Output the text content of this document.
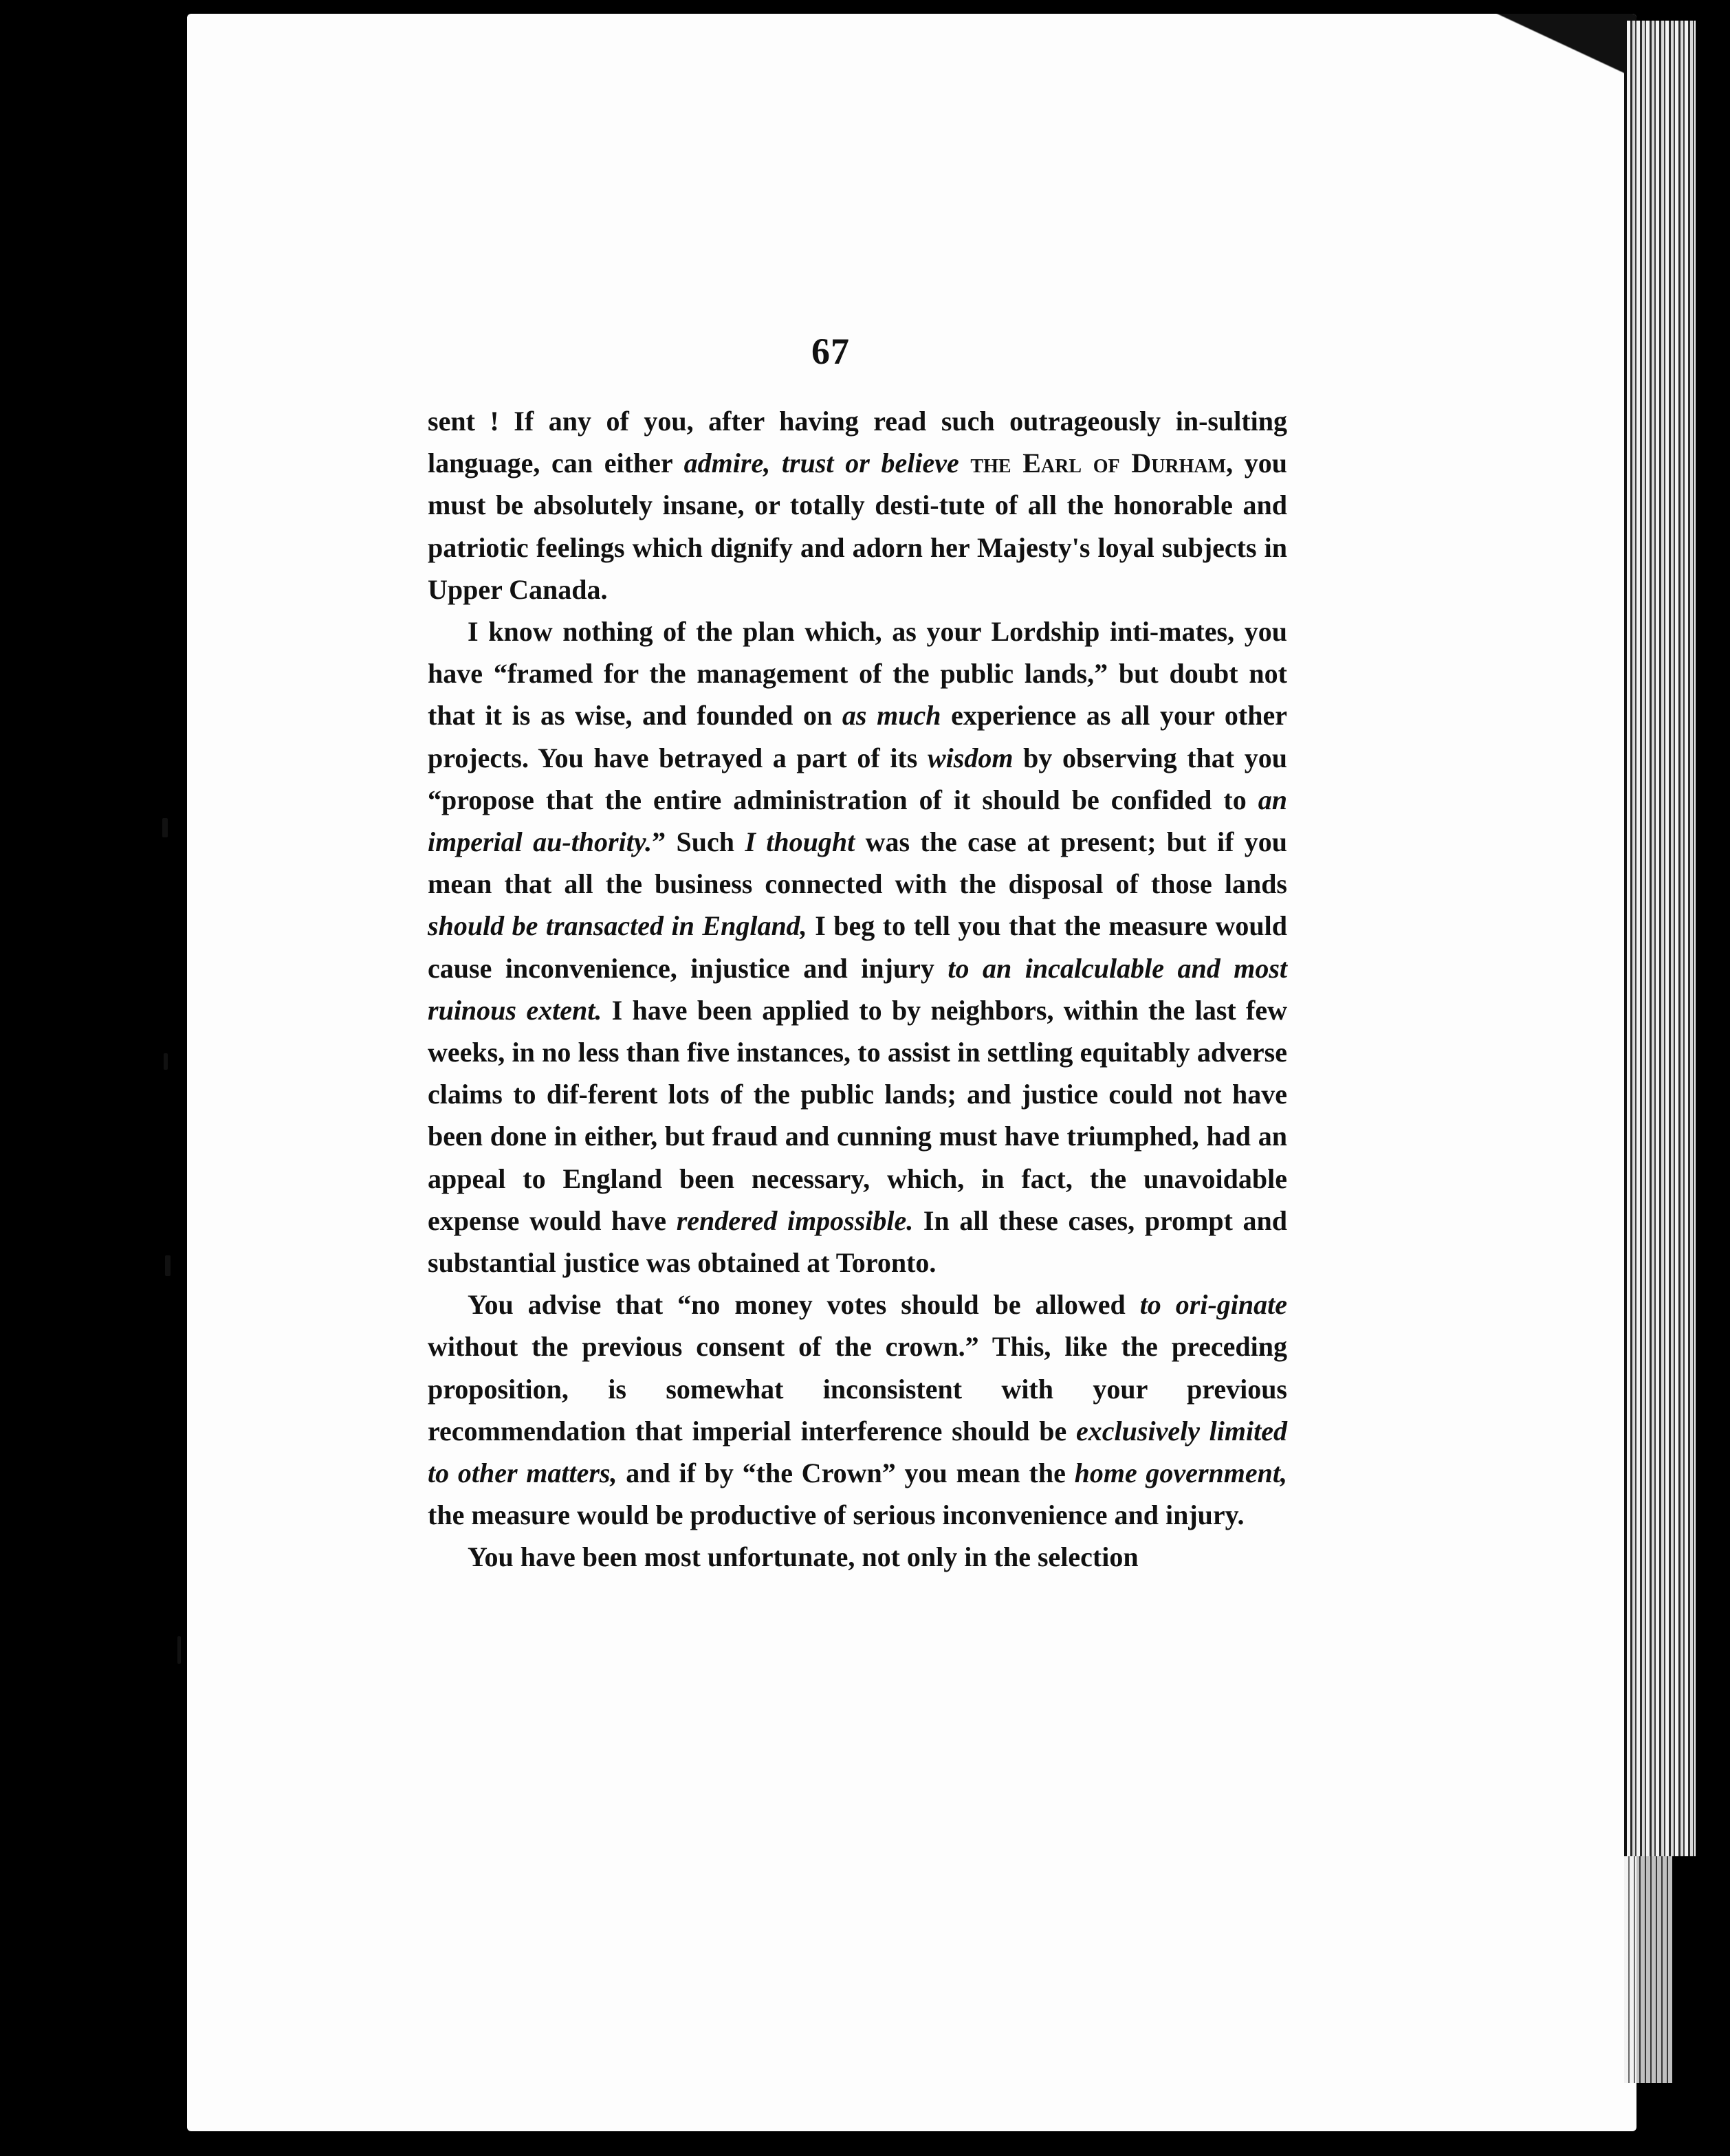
67

sent ! If any of you, after having read such outrageously in-sulting language, can either admire, trust or believe the Earl of Durham, you must be absolutely insane, or totally desti-tute of all the honorable and patriotic feelings which dignify and adorn her Majesty's loyal subjects in Upper Canada.

I know nothing of the plan which, as your Lordship inti-mates, you have “framed for the management of the public lands,” but doubt not that it is as wise, and founded on as much experience as all your other projects. You have betrayed a part of its wisdom by observing that you “propose that the entire administration of it should be confided to an imperial au-thority.” Such I thought was the case at present; but if you mean that all the business connected with the disposal of those lands should be transacted in England, I beg to tell you that the measure would cause inconvenience, injustice and injury to an incalculable and most ruinous extent. I have been applied to by neighbors, within the last few weeks, in no less than five instances, to assist in settling equitably adverse claims to dif-ferent lots of the public lands; and justice could not have been done in either, but fraud and cunning must have triumphed, had an appeal to England been necessary, which, in fact, the unavoidable expense would have rendered impossible. In all these cases, prompt and substantial justice was obtained at Toronto.

You advise that “no money votes should be allowed to ori-ginate without the previous consent of the crown.” This, like the preceding proposition, is somewhat inconsistent with your previous recommendation that imperial interference should be exclusively limited to other matters, and if by “the Crown” you mean the home government, the measure would be productive of serious inconvenience and injury.

You have been most unfortunate, not only in the selection
